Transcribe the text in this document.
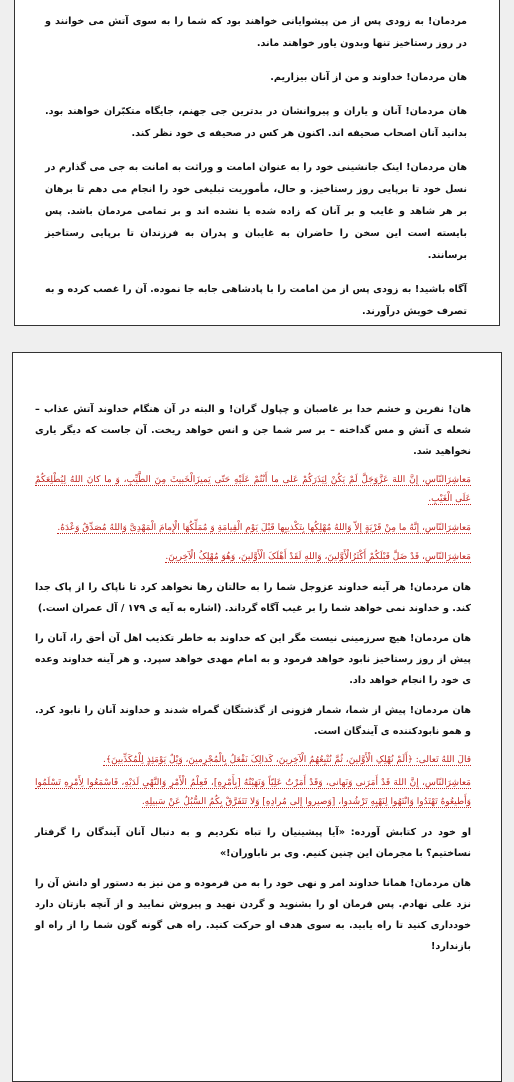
مردمان! به زودی پس از من پیشوایانی خواهند بود که شما را به سوی آتش می خوانند و در روز رستاخیز تنها وبدون یاور خواهند ماند.

هان مردمان! خداوند و من از آنان بیزاریم.

هان مردمان! آنان و یاران و پیروانشان در بدترین جی جهنم، جایگاه متکبّران خواهند بود. بدانید آنان اصحاب صحیفه اند. اکنون هر کس در صحیفه ی خود نظر کند.

هان مردمان! اینک جانشینی خود را به عنوان امامت و وراثت به امانت به جی می گذارم در نسل خود تا برپایی روز رستاخیز. و حال، مأموریت تبلیغی خود را انجام می دهم تا برهان بر هر شاهد و غایب و بر آنان که زاده شده یا نشده اند و بر تمامی مردمان باشد. پس بایسته است این سخن را حاضران به غایبان و پدران به فرزندان تا برپایی رستاخیز برسانند.

آگاه باشید! به زودی پس از من امامت را با پادشاهی جابه جا نموده. آن را غصب کرده و به تصرف خویش درآورند.

هان! نفرین و خشم خدا بر غاصبان و چپاول گران! و البته در آن هنگام خداوند آتش عذاب – شعله ی آتش و مس گداخته – بر سر شما جن و انس خواهد ریخت. آن جاست که دیگر یاری نخواهید شد.

مَعاشِرَالنّاسِ، إِنَّ اللهَ عَزَّوَجَلَّ لَمْ یَکُنْ لِیَذَرَکُمْ عَلى ما أَنْتُمْ عَلَیْهِ حَتّى یَمیزَالْخَبیثَ مِنَ الطَّیِّبِ، وَ ما کانَ اللهُ لِیُطْلِعَکُمْ عَلَى الْغَیْبِ.

مَعاشِرَالنّاسِ، إِنَّهُ ما مِنْ قَرْیَةٍ إِلاّ وَاللهُ مُهْلِکُها بِتَکْذیبِها قَبْلَ یَوْمِ الْقِیامَةِ وَ مُمَلِّکُهَا الْإِمامَ الْمَهْدِیَّ وَاللهُ مُصَدِّقٌ وَعْدَهُ.

مَعاشِرَالنّاسِ، قَدْ ضَلَّ قَبْلَکُمْ أَکْثَرُالْأَوَّلینَ، وَاللهِ لَقَدْ أَهْلَکَ الْأَوَّلینَ، وَهُوَ مُهْلِکُ الْآخِرینَ.

هان مردمان! هر آینه خداوند عزوجل شما را به حالتان رها نخواهد کرد تا ناپاک را از پاک جدا کند. و خداوند نمی خواهد شما را بر غیب آگاه گرداند. (اشاره به آیه ی ۱۷۹ / آل عمران است.)

هان مردمان! هیچ سرزمینی نیست مگر این که خداوند به خاطر تکذیب اهل آن أحق را، آنان را پیش از روز رستاخیز نابود خواهد فرمود و به امام مهدی خواهد سپرد. و هر آینه خداوند وعده ی خود را انجام خواهد داد.

هان مردمان! پیش از شما، شمار فزونی از گذشتگان گمراه شدند و خداوند آنان را نابود کرد. و همو نابودکننده ی آیندگان است.

قالَ اللهُ تَعالى: ﴿أَلَمْ نُهْلِکِ الْأَوَّلینَ، ثُمَّ نُتْبِعُهُمُ الْآخِرینَ، کَذالِکَ نَفْعَلُ بِالْمُجْرِمینَ، وَیْلٌ یَوْمَئِذٍ لِلْمُکَذِّبینَ﴾.

مَعاشِرَالنّاسِ، إِنَّ اللهَ قَدْ أَمَرَنی وَنَهانی، وَقَدْ أَمَرْتُ عَلِیّاً وَنَهَیْتُهُ [بِأَمْرِهِ]، فَعِلْمُ الْأَمْرِ وَالنَّهْیِ لَدَیْهِ، فَاسْمَعُوا لِأَمْرِهِ تَسْلَمُوا وَأَطیعُوهُ تَهْتَدُوا وَانْتَهُوا لِنَهْیِهِ تَرْشُدوا، [وَصیروا إِلى مُرادِهِ] وَلا تَتَفَرَّقْ بِکُمُ السُّبُلُ عَنْ سَبیلِهِ.

او خود در کتابش آورده: «آیا پیشینیان را تباه نکردیم و به دنبال آنان آیندگان را گرفتار نساختیم؟ با مجرمان این چنین کنیم. وی بر ناباوران!»

هان مردمان! همانا خداوند امر و نهی خود را به من فرموده و من نیز به دستور او دانش آن را نزد علی نهادم. پس فرمان او را بشنوید و گردن نهید و پیروش نمایید و از آنچه بازتان دارد خودداری کنید تا راه یابید. به سوی هدف او حرکت کنید. راه هی گونه گون شما را از راه او بازندارد!
